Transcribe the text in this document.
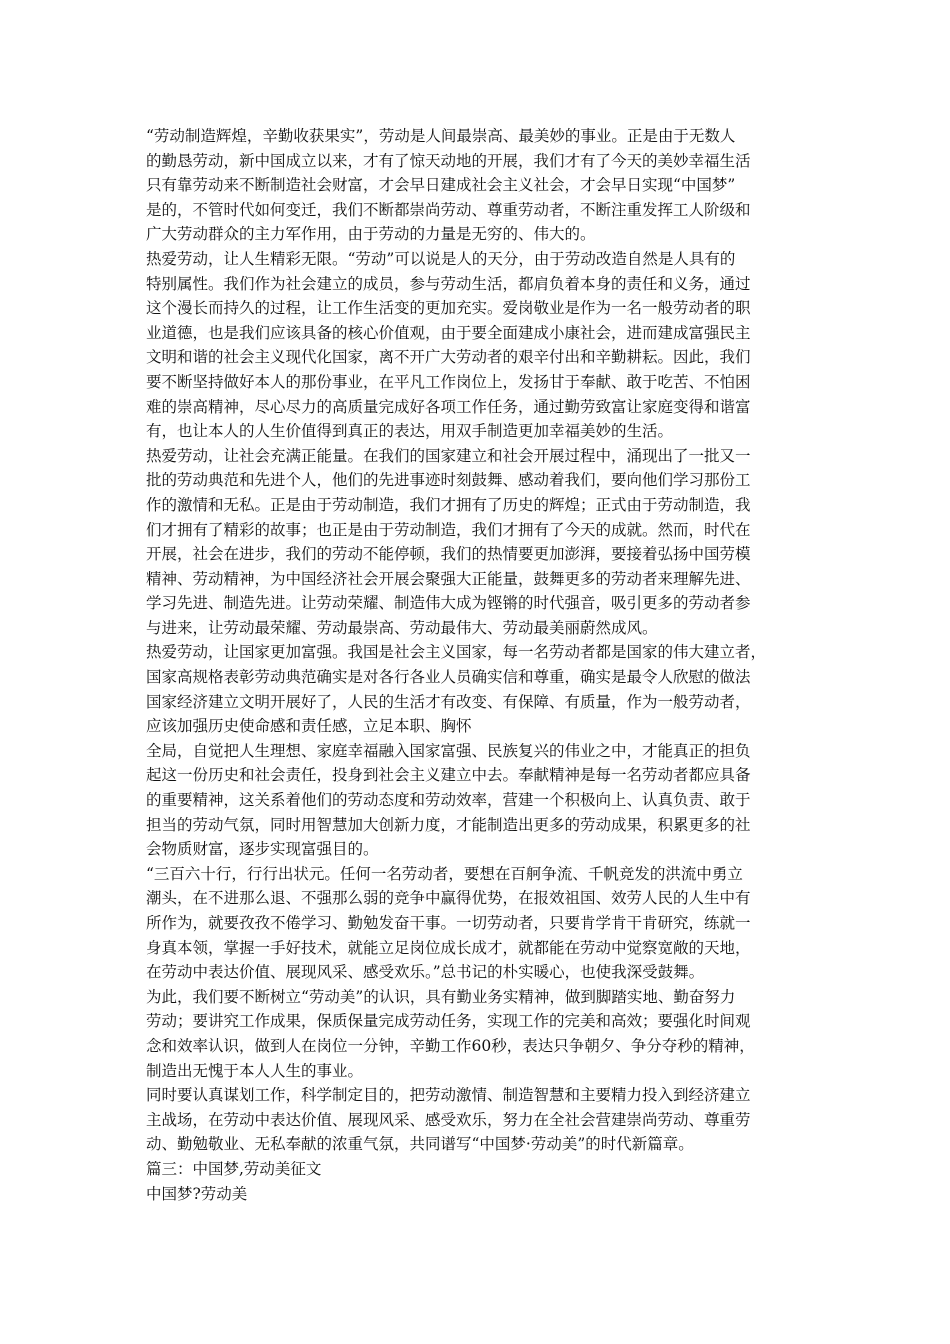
“劳动制造辉煌，辛勤收获果实”，劳动是人间最崇高、最美妙的事业。正是由于无数人
的勤恳劳动，新中国成立以来，才有了惊天动地的开展，我们才有了今天的美妙幸福生活
只有靠劳动来不断制造社会财富，才会早日建成社会主义社会，才会早日实现“中国梦”
是的，不管时代如何变迁，我们不断都崇尚劳动、尊重劳动者，不断注重发挥工人阶级和
广大劳动群众的主力军作用，由于劳动的力量是无穷的、伟大的。
热爱劳动，让人生精彩无限。“劳动”可以说是人的天分，由于劳动改造自然是人具有的
特别属性。我们作为社会建立的成员，参与劳动生活，都肩负着本身的责任和义务，通过
这个漫长而持久的过程，让工作生活变的更加充实。爱岗敬业是作为一名一般劳动者的职
业道德，也是我们应该具备的核心价值观，由于要全面建成小康社会，进而建成富强民主
文明和谐的社会主义现代化国家，离不开广大劳动者的艰辛付出和辛勤耕耘。因此，我们
要不断坚持做好本人的那份事业，在平凡工作岗位上，发扬甘于奉献、敢于吃苦、不怕困
难的崇高精神，尽心尽力的高质量完成好各项工作任务，通过勤劳致富让家庭变得和谐富
有，也让本人的人生价值得到真正的表达，用双手制造更加幸福美妙的生活。
热爱劳动，让社会充满正能量。在我们的国家建立和社会开展过程中，涌现出了一批又一
批的劳动典范和先进个人，他们的先进事迹时刻鼓舞、感动着我们，要向他们学习那份工
作的激情和无私。正是由于劳动制造，我们才拥有了历史的辉煌；正式由于劳动制造，我
们才拥有了精彩的故事；也正是由于劳动制造，我们才拥有了今天的成就。然而，时代在
开展，社会在进步，我们的劳动不能停顿，我们的热情要更加澎湃，要接着弘扬中国劳模
精神、劳动精神，为中国经济社会开展会聚强大正能量，鼓舞更多的劳动者来理解先进、
学习先进、制造先进。让劳动荣耀、制造伟大成为铿锵的时代强音，吸引更多的劳动者参
与进来，让劳动最荣耀、劳动最崇高、劳动最伟大、劳动最美丽蔚然成风。
热爱劳动，让国家更加富强。我国是社会主义国家，每一名劳动者都是国家的伟大建立者，
国家高规格表彰劳动典范确实是对各行各业人员确实信和尊重，确实是最令人欣慰的做法
国家经济建立文明开展好了，人民的生活才有改变、有保障、有质量，作为一般劳动者，
应该加强历史使命感和责任感，立足本职、胸怀
全局，自觉把人生理想、家庭幸福融入国家富强、民族复兴的伟业之中，才能真正的担负
起这一份历史和社会责任，投身到社会主义建立中去。奉献精神是每一名劳动者都应具备
的重要精神，这关系着他们的劳动态度和劳动效率，营建一个积极向上、认真负责、敢于
担当的劳动气氛，同时用智慧加大创新力度，才能制造出更多的劳动成果，积累更多的社
会物质财富，逐步实现富强目的。
“三百六十行，行行出状元。任何一名劳动者，要想在百舸争流、千帆竞发的洪流中勇立
潮头，在不进那么退、不强那么弱的竞争中赢得优势，在报效祖国、效劳人民的人生中有
所作为，就要孜孜不倦学习、勤勉发奋干事。一切劳动者，只要肯学肯干肯研究，练就一
身真本领，掌握一手好技术，就能立足岗位成长成才，就都能在劳动中觉察宽敞的天地，
在劳动中表达价值、展现风采、感受欢乐。”总书记的朴实暖心，也使我深受鼓舞。
为此，我们要不断树立“劳动美”的认识，具有勤业务实精神，做到脚踏实地、勤奋努力
劳动；要讲究工作成果，保质保量完成劳动任务，实现工作的完美和高效；要强化时间观
念和效率认识，做到人在岗位一分钟，辛勤工作60秒，表达只争朝夕、争分夺秒的精神，
制造出无愧于本人人生的事业。
同时要认真谋划工作，科学制定目的，把劳动激情、制造智慧和主要精力投入到经济建立
主战场，在劳动中表达价值、展现风采、感受欢乐，努力在全社会营建崇尚劳动、尊重劳
动、勤勉敬业、无私奉献的浓重气氛，共同谱写“中国梦·劳动美”的时代新篇章。
篇三：中国梦,劳动美征文
中国梦?劳动美
